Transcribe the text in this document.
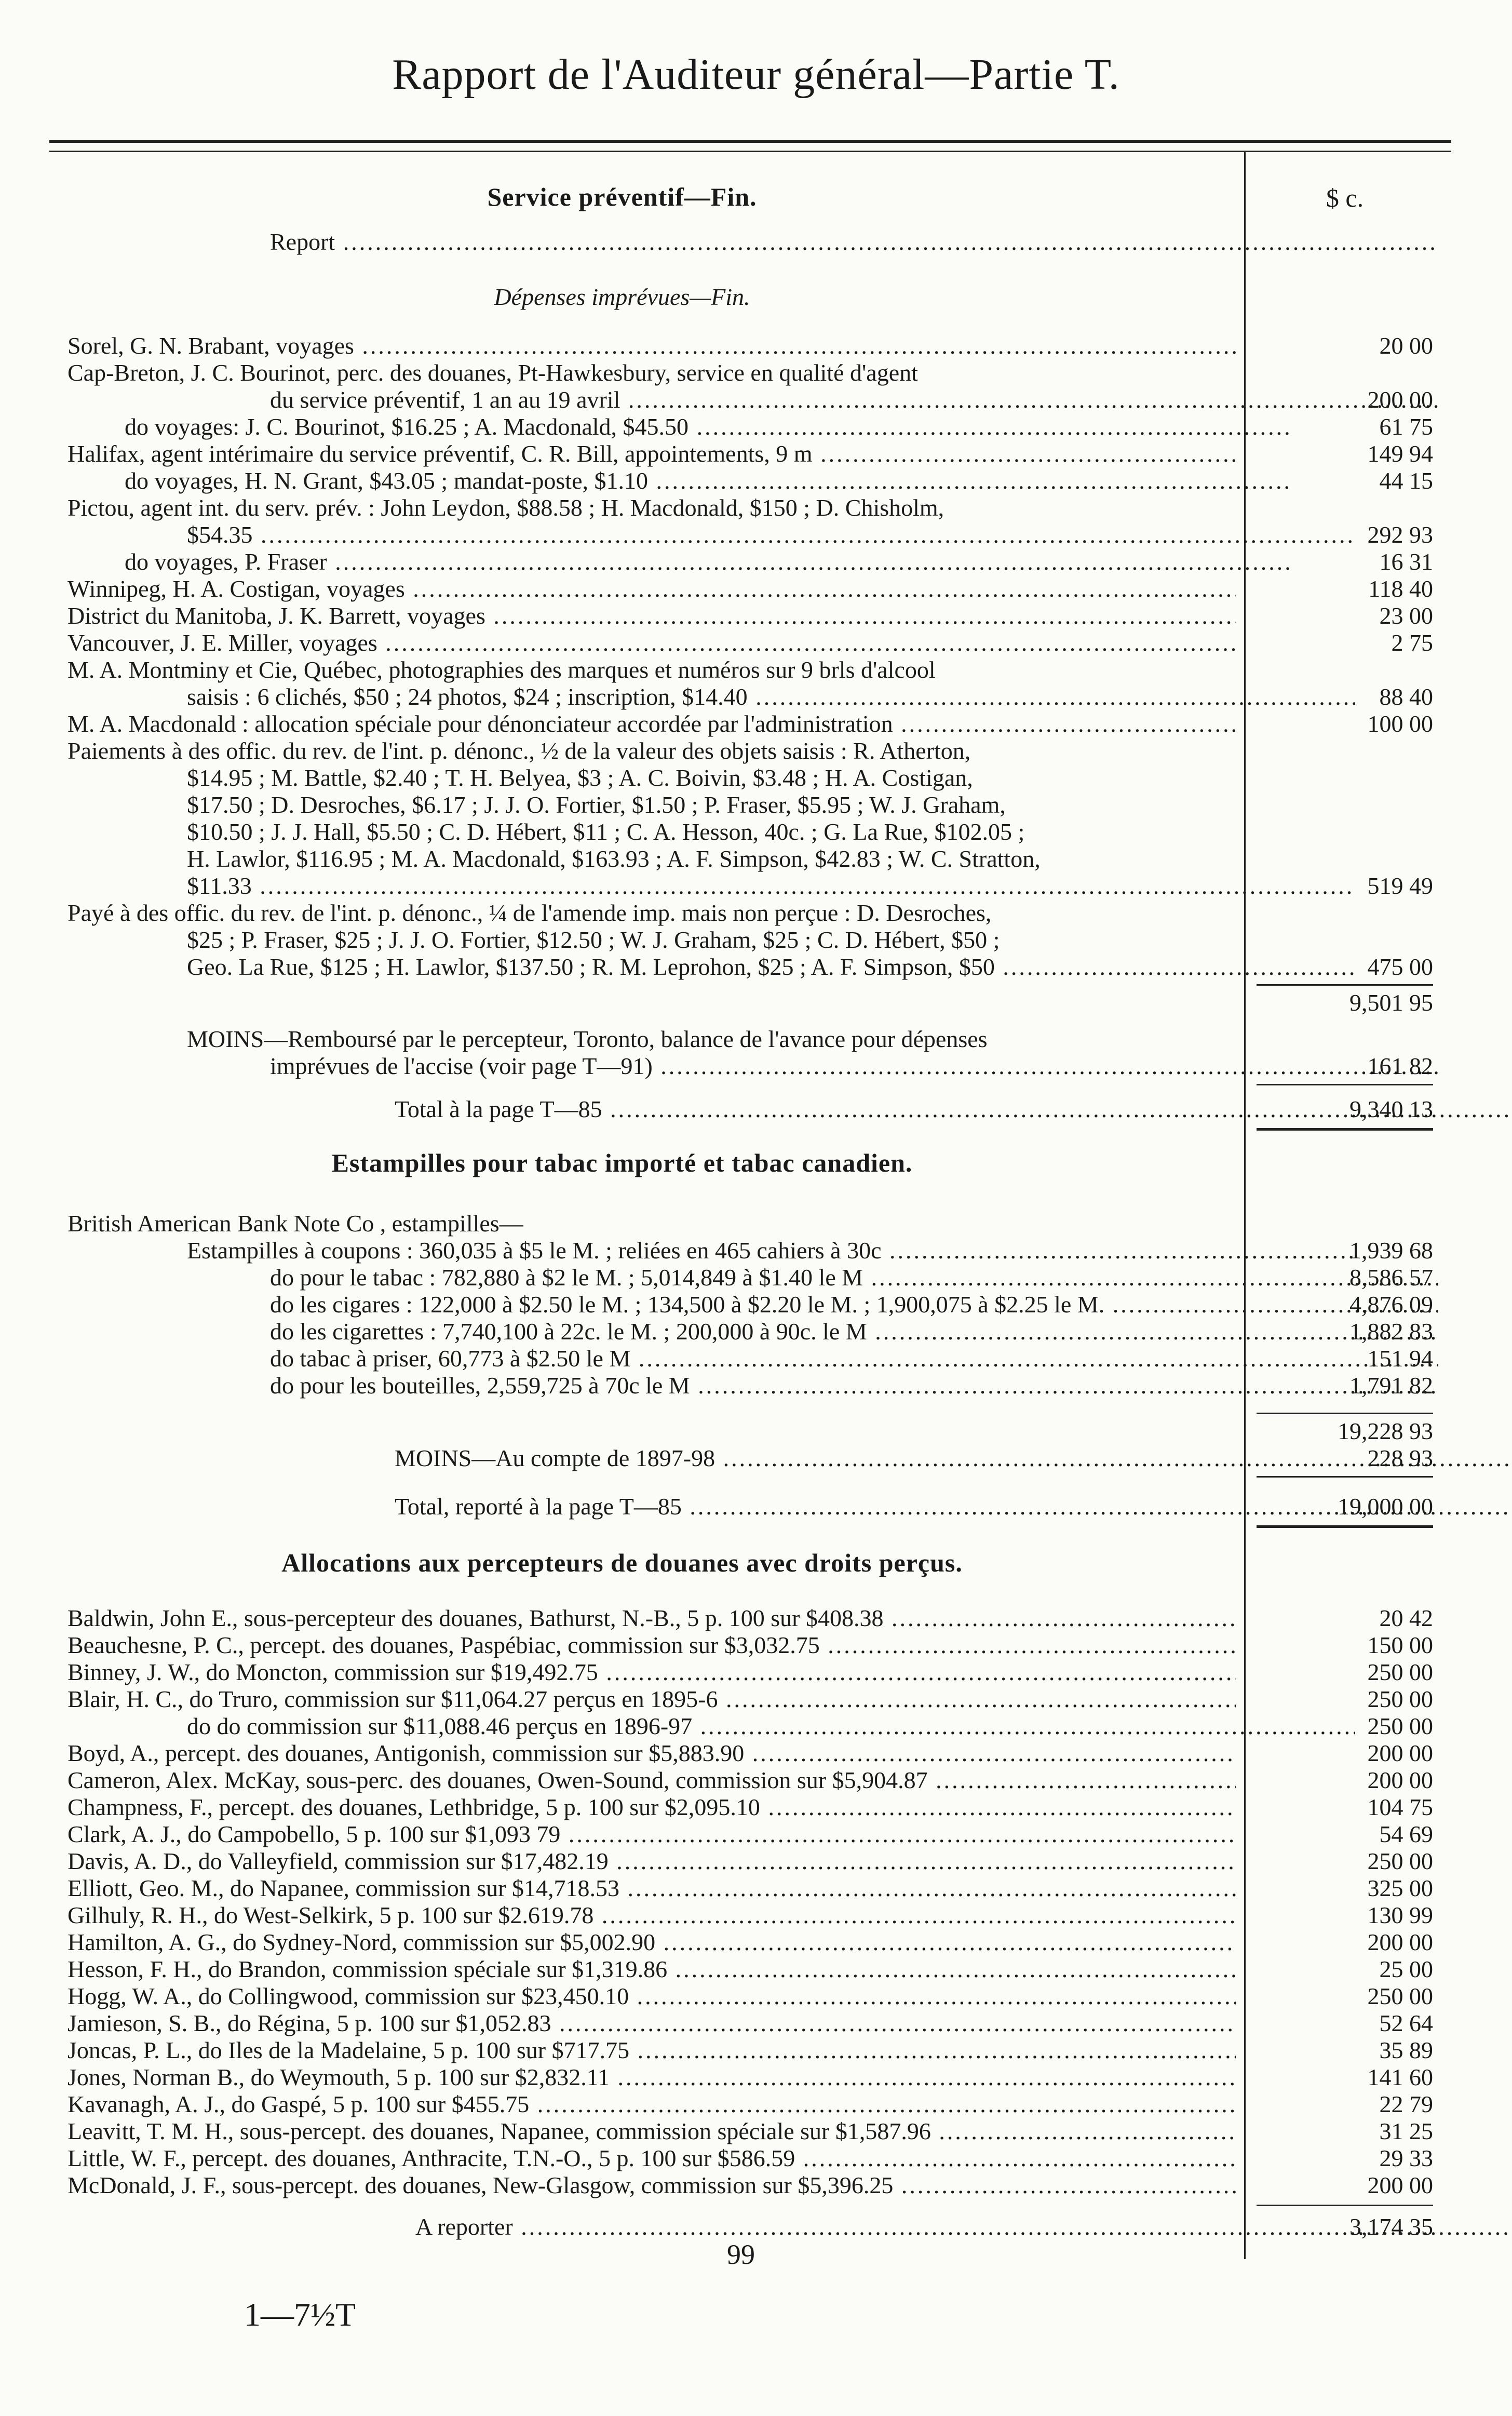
Rapport de l'Auditeur général—Partie T.
$ c.
Service préventif—Fin.
Report .....
Dépenses imprévues—Fin.
Sorel, G. N. Brabant, voyages .....	20 00
Cap-Breton, J. C. Bourinot, perc. des douanes, Pt-Hawkesbury, service en qualité d'agent
du service préventif, 1 an au 19 avril .....	200 00
do voyages: J. C. Bourinot, $16.25 ; A. Macdonald, $45.50 .....	61 75
Halifax, agent intérimaire du service préventif, C. R. Bill, appointements, 9 m .....	149 94
do voyages, H. N. Grant, $43.05 ; mandat-poste, $1.10 .....	44 15
Pictou, agent int. du serv. prév. : John Leydon, $88.58 ; H. Macdonald, $150 ; D. Chisholm,
$54.35 .....	292 93
do voyages, P. Fraser .....	16 31
Winnipeg, H. A. Costigan, voyages .....	118 40
District du Manitoba, J. K. Barrett, voyages .....	23 00
Vancouver, J. E. Miller, voyages .....	2 75
M. A. Montminy et Cie, Québec, photographies des marques et numéros sur 9 brls d'alcool
saisis : 6 clichés, $50 ; 24 photos, $24 ; inscription, $14.40 .....	88 40
M. A. Macdonald : allocation spéciale pour dénonciateur accordée par l'administration .....	100 00
Paiements à des offic. du rev. de l'int. p. dénonc., ½ de la valeur des objets saisis : R. Atherton,
$14.95 ; M. Battle, $2.40 ; T. H. Belyea, $3 ; A. C. Boivin, $3.48 ; H. A. Costigan,
$17.50 ; D. Desroches, $6.17 ; J. J. O. Fortier, $1.50 ; P. Fraser, $5.95 ; W. J. Graham,
$10.50 ; J. J. Hall, $5.50 ; C. D. Hébert, $11 ; C. A. Hesson, 40c. ; G. La Rue, $102.05 ;
H. Lawlor, $116.95 ; M. A. Macdonald, $163.93 ; A. F. Simpson, $42.83 ; W. C. Stratton,
$11.33 .....	519 49
Payé à des offic. du rev. de l'int. p. dénonc., ¼ de l'amende imp. mais non perçue : D. Desroches,
$25 ; P. Fraser, $25 ; J. J. O. Fortier, $12.50 ; W. J. Graham, $25 ; C. D. Hébert, $50 ;
Geo. La Rue, $125 ; H. Lawlor, $137.50 ; R. M. Leprohon, $25 ; A. F. Simpson, $50 .....	475 00
9,501 95
MOINS—Remboursé par le percepteur, Toronto, balance de l'avance pour dépenses
imprévues de l'accise (voir page T—91) .....	161 82
Total à la page T—85 .....	9,340 13
Estampilles pour tabac importé et tabac canadien.
British American Bank Note Co , estampilles—
Estampilles à coupons : 360,035 à $5 le M. ; reliées en 465 cahiers à 30c .....	1,939 68
do pour le tabac : 782,880 à $2 le M. ; 5,014,849 à $1.40 le M .....	8,586 57
do les cigares : 122,000 à $2.50 le M. ; 134,500 à $2.20 le M. ; 1,900,075 à $2.25 le M. .....	4,876 09
do les cigarettes : 7,740,100 à 22c. le M. ; 200,000 à 90c. le M .....	1,882 83
do tabac à priser, 60,773 à $2.50 le M .....	151 94
do pour les bouteilles, 2,559,725 à 70c le M .....	1,791 82
19,228 93
MOINS—Au compte de 1897-98 .....	228 93
Total, reporté à la page T—85 .....	19,000 00
Allocations aux percepteurs de douanes avec droits perçus.
Baldwin, John E., sous-percepteur des douanes, Bathurst, N.-B., 5 p. 100 sur $408.38 .....	20 42
Beauchesne, P. C., percept. des douanes, Paspébiac, commission sur $3,032.75 .....	150 00
Binney, J. W., do Moncton, commission sur $19,492.75 .....	250 00
Blair, H. C., do Truro, commission sur $11,064.27 perçus en 1895-6 .....	250 00
do do commission sur $11,088.46 perçus en 1896-97 .....	250 00
Boyd, A., percept. des douanes, Antigonish, commission sur $5,883.90 .....	200 00
Cameron, Alex. McKay, sous-perc. des douanes, Owen-Sound, commission sur $5,904.87 .....	200 00
Champness, F., percept. des douanes, Lethbridge, 5 p. 100 sur $2,095.10 .....	104 75
Clark, A. J., do Campobello, 5 p. 100 sur $1,093 79 .....	54 69
Davis, A. D., do Valleyfield, commission sur $17,482.19 .....	250 00
Elliott, Geo. M., do Napanee, commission sur $14,718.53 .....	325 00
Gilhuly, R. H., do West-Selkirk, 5 p. 100 sur $2.619.78 .....	130 99
Hamilton, A. G., do Sydney-Nord, commission sur $5,002.90 .....	200 00
Hesson, F. H., do Brandon, commission spéciale sur $1,319.86 .....	25 00
Hogg, W. A., do Collingwood, commission sur $23,450.10 .....	250 00
Jamieson, S. B., do Régina, 5 p. 100 sur $1,052.83 .....	52 64
Joncas, P. L., do Iles de la Madelaine, 5 p. 100 sur $717.75 .....	35 89
Jones, Norman B., do Weymouth, 5 p. 100 sur $2,832.11 .....	141 60
Kavanagh, A. J., do Gaspé, 5 p. 100 sur $455.75 .....	22 79
Leavitt, T. M. H., sous-percept. des douanes, Napanee, commission spéciale sur $1,587.96 .....	31 25
Little, W. F., percept. des douanes, Anthracite, T.N.-O., 5 p. 100 sur $586.59 .....	29 33
McDonald, J. F., sous-percept. des douanes, New-Glasgow, commission sur $5,396.25 .....	200 00
A reporter .....	3,174 35
99
1—7½T
